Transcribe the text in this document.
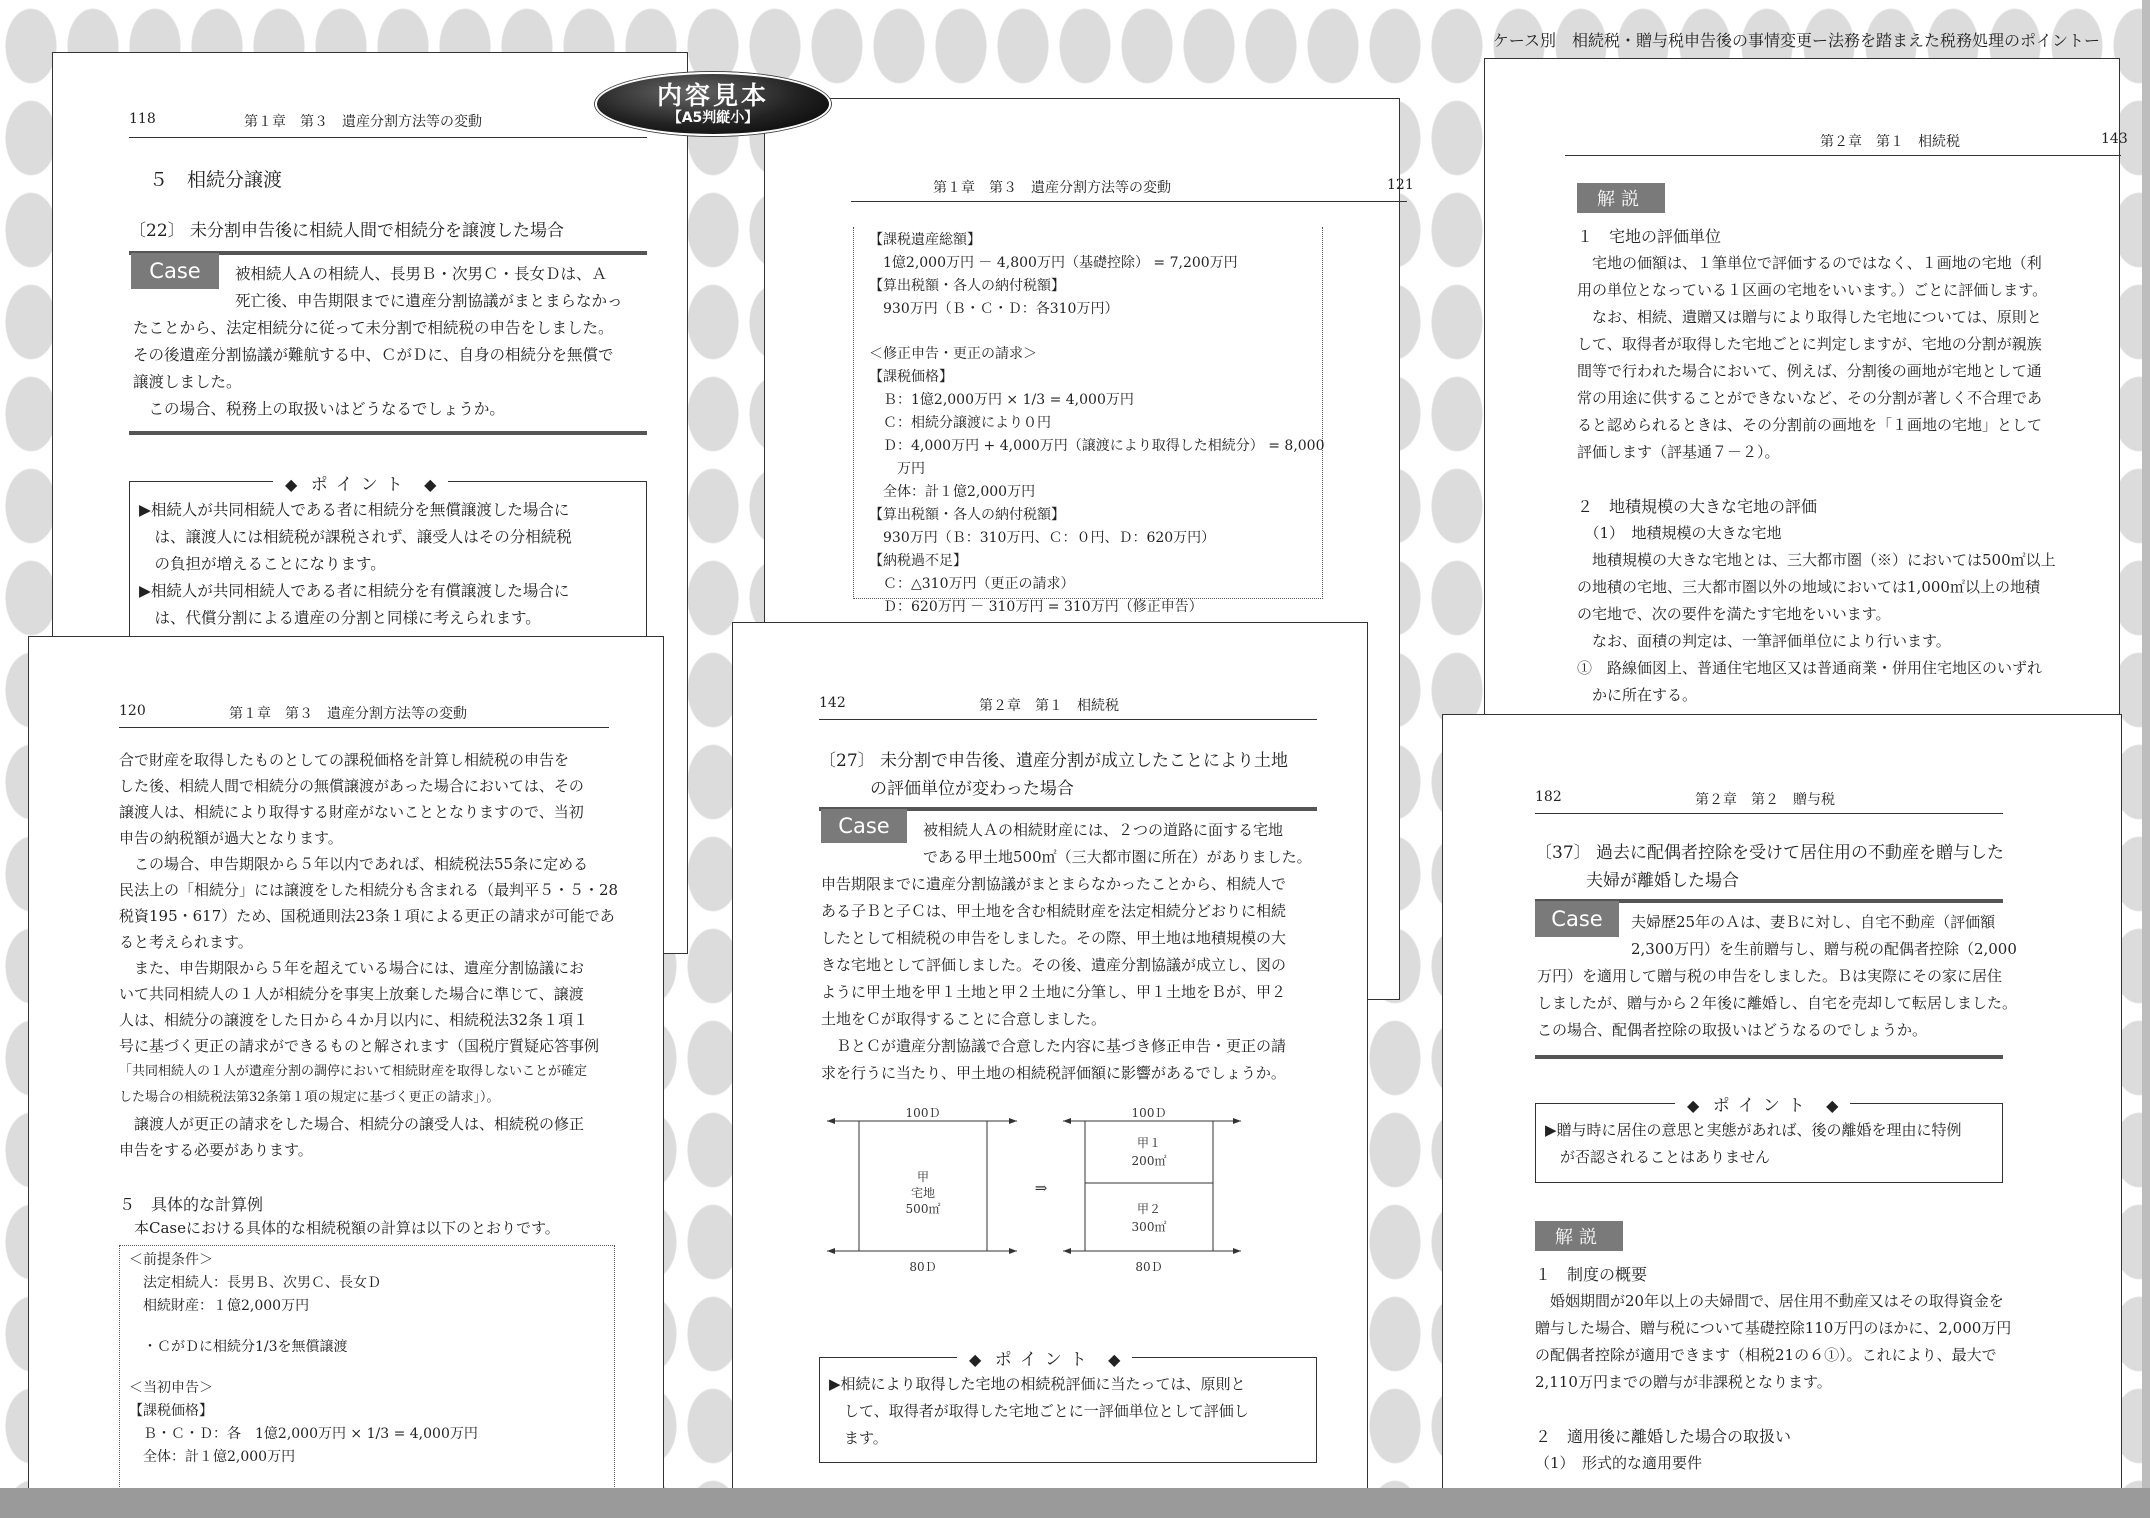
ケース別　相続税・贈与税申告後の事情変更ー法務を踏まえた税務処理のポイントー
118	第１章　第３　遺産分割方法等の変動
５　相続分譲渡
〔22〕 未分割申告後に相続人間で相続分を譲渡した場合
Case	被相続人Ａの相続人、長男Ｂ・次男Ｃ・長女Ｄは、Ａ

死亡後、申告期限までに遺産分割協議がまとまらなかっ

たことから、法定相続分に従って未分割で相続税の申告をしました。

その後遺産分割協議が難航する中、ＣがＤに、自身の相続分を無償で

譲渡しました。

　この場合、税務上の取扱いはどうなるでしょうか。

◆ ポイント ◆

▶相続人が共同相続人である者に相続分を無償譲渡した場合に

　は、譲渡人には相続税が課税されず、譲受人はその分相続税

　の負担が増えることになります。

▶相続人が共同相続人である者に相続分を有償譲渡した場合に

　は、代償分割による遺産の分割と同様に考えられます。

第１章　第３　遺産分割方法等の変動	121

【課税遺産総額】

　1億2,000万円 － 4,800万円（基礎控除） = 7,200万円

【算出税額・各人の納付税額】

　930万円（Ｂ・Ｃ・Ｄ：各310万円）

＜修正申告・更正の請求＞

【課税価格】

　Ｂ：1億2,000万円 × 1/3 = 4,000万円

　Ｃ：相続分譲渡により０円

　Ｄ：4,000万円 + 4,000万円（譲渡により取得した相続分） = 8,000

　　万円

　全体：計１億2,000万円

【算出税額・各人の納付税額】

　930万円（Ｂ：310万円、Ｃ：０円、Ｄ：620万円）

【納税過不足】

　Ｃ：△310万円（更正の請求）

　Ｄ：620万円 － 310万円 = 310万円（修正申告）

第２章　第１　相続税	143
解説

１　宅地の評価単位

　宅地の価額は、１筆単位で評価するのではなく、１画地の宅地（利

用の単位となっている１区画の宅地をいいます。）ごとに評価します。

　なお、相続、遺贈又は贈与により取得した宅地については、原則と

して、取得者が取得した宅地ごとに判定しますが、宅地の分割が親族

間等で行われた場合において、例えば、分割後の画地が宅地として通

常の用途に供することができないなど、その分割が著しく不合理であ

ると認められるときは、その分割前の画地を「１画地の宅地」として

評価します（評基通７－２）。

２　地積規模の大きな宅地の評価

　（1）　地積規模の大きな宅地

　地積規模の大きな宅地とは、三大都市圏（※）においては500㎡以上

の地積の宅地、三大都市圏以外の地域においては1,000㎡以上の地積

の宅地で、次の要件を満たす宅地をいいます。

　なお、面積の判定は、一筆評価単位により行います。

①　路線価図上、普通住宅地区又は普通商業・併用住宅地区のいずれ

　かに所在する。

120	第１章　第３　遺産分割方法等の変動

合で財産を取得したものとしての課税価格を計算し相続税の申告を

した後、相続人間で相続分の無償譲渡があった場合においては、その

譲渡人は、相続により取得する財産がないこととなりますので、当初

申告の納税額が過大となります。

　この場合、申告期限から５年以内であれば、相続税法55条に定める

民法上の「相続分」には譲渡をした相続分も含まれる（最判平５・５・28

税資195・617）ため、国税通則法23条１項による更正の請求が可能であ

ると考えられます。

　また、申告期限から５年を超えている場合には、遺産分割協議にお

いて共同相続人の１人が相続分を事実上放棄した場合に準じて、譲渡

人は、相続分の譲渡をした日から４か月以内に、相続税法32条１項１

号に基づく更正の請求ができるものと解されます（国税庁質疑応答事例

「共同相続人の１人が遺産分割の調停において相続財産を取得しないことが確定

した場合の相続税法第32条第１項の規定に基づく更正の請求」）。

　譲渡人が更正の請求をした場合、相続分の譲受人は、相続税の修正

申告をする必要があります。

５　具体的な計算例
　本Caseにおける具体的な相続税額の計算は以下のとおりです。

＜前提条件＞

　法定相続人：長男Ｂ、次男Ｃ、長女Ｄ

　相続財産：１億2,000万円

　・ＣがＤに相続分1/3を無償譲渡

＜当初申告＞

【課税価格】

　Ｂ・Ｃ・Ｄ：各　1億2,000万円 × 1/3 = 4,000万円

　全体：計１億2,000万円

142	第２章　第１　相続税
〔27〕 未分割で申告後、遺産分割が成立したことにより土地
　　　の評価単位が変わった場合
Case	被相続人Ａの相続財産には、２つの道路に面する宅地

である甲土地500㎡（三大都市圏に所在）がありました。

申告期限までに遺産分割協議がまとまらなかったことから、相続人で

ある子Ｂと子Ｃは、甲土地を含む相続財産を法定相続分どおりに相続

したとして相続税の申告をしました。その際、甲土地は地積規模の大

きな宅地として評価しました。その後、遺産分割協議が成立し、図の

ように甲土地を甲１土地と甲２土地に分筆し、甲１土地をＢが、甲２

土地をＣが取得することに合意しました。

　ＢとＣが遺産分割協議で合意した内容に基づき修正申告・更正の請

求を行うに当たり、甲土地の相続税評価額に影響があるでしょうか。

100Ｄ
80Ｄ
甲
宅地
500㎡
⇒
100Ｄ
80Ｄ
甲１
200㎡
甲２
300㎡
◆ ポイント ◆

▶相続により取得した宅地の相続税評価に当たっては、原則と

　して、取得者が取得した宅地ごとに一評価単位として評価し

　ます。

182	第２章　第２　贈与税
〔37〕 過去に配偶者控除を受けて居住用の不動産を贈与した
　　　夫婦が離婚した場合
Case	夫婦歴25年のＡは、妻Ｂに対し、自宅不動産（評価額

2,300万円）を生前贈与し、贈与税の配偶者控除（2,000

万円）を適用して贈与税の申告をしました。Ｂは実際にその家に居住

しましたが、贈与から２年後に離婚し、自宅を売却して転居しました。

この場合、配偶者控除の取扱いはどうなるのでしょうか。

◆ ポイント ◆

▶贈与時に居住の意思と実態があれば、後の離婚を理由に特例

　が否認されることはありません

解説

１　制度の概要

　婚姻期間が20年以上の夫婦間で、居住用不動産又はその取得資金を

贈与した場合、贈与税について基礎控除110万円のほかに、2,000万円

の配偶者控除が適用できます（相税21の６①）。これにより、最大で

2,110万円までの贈与が非課税となります。

２　適用後に離婚した場合の取扱い

（1）　形式的な適用要件

内容見本
【A5判縦小】
